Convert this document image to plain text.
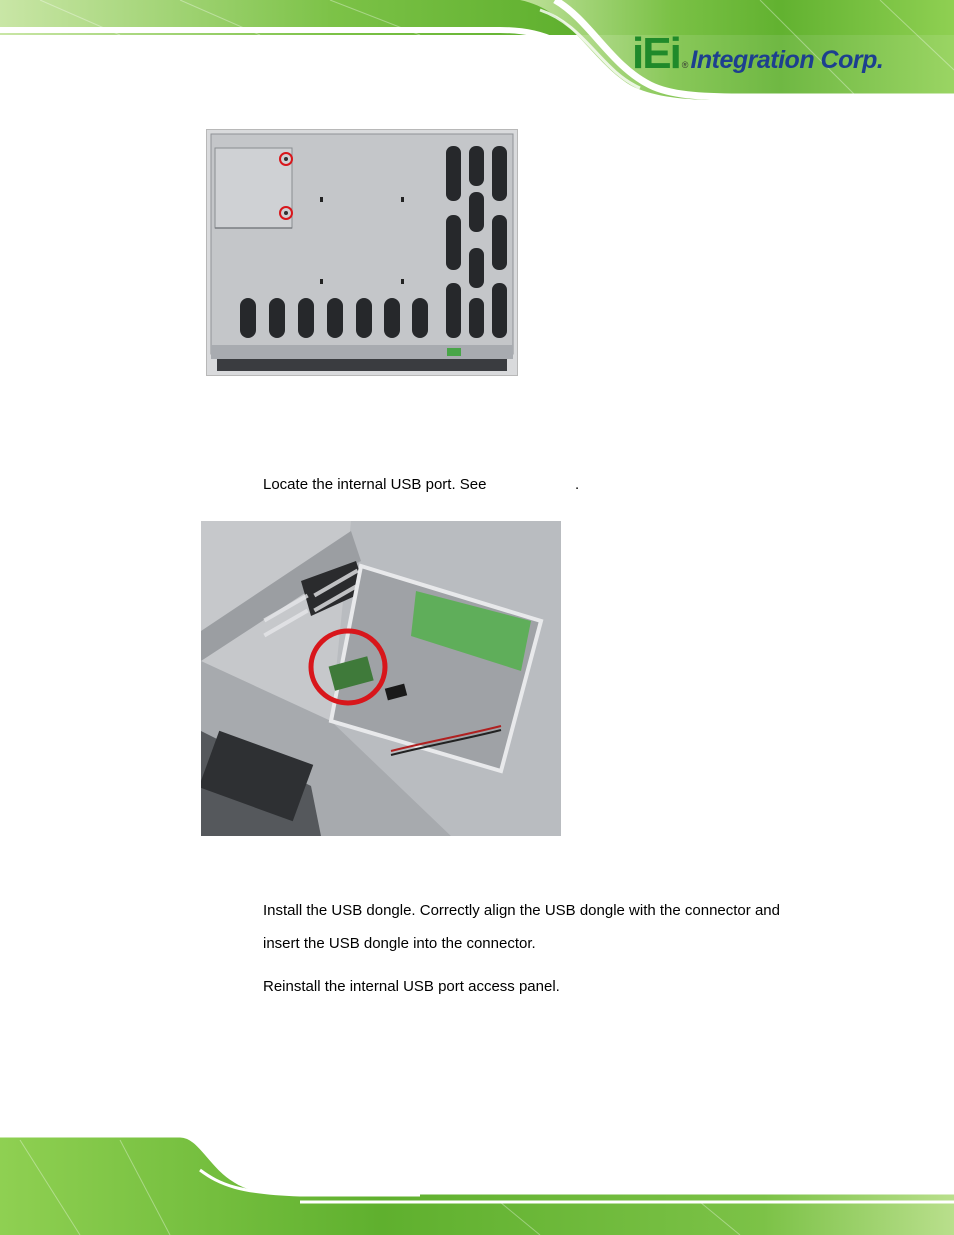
iEi ® Integration Corp.
Locate the internal USB port. See	.
Install the USB dongle. Correctly align the USB dongle with the connector and
insert the USB dongle into the connector.
Reinstall the internal USB port access panel.
